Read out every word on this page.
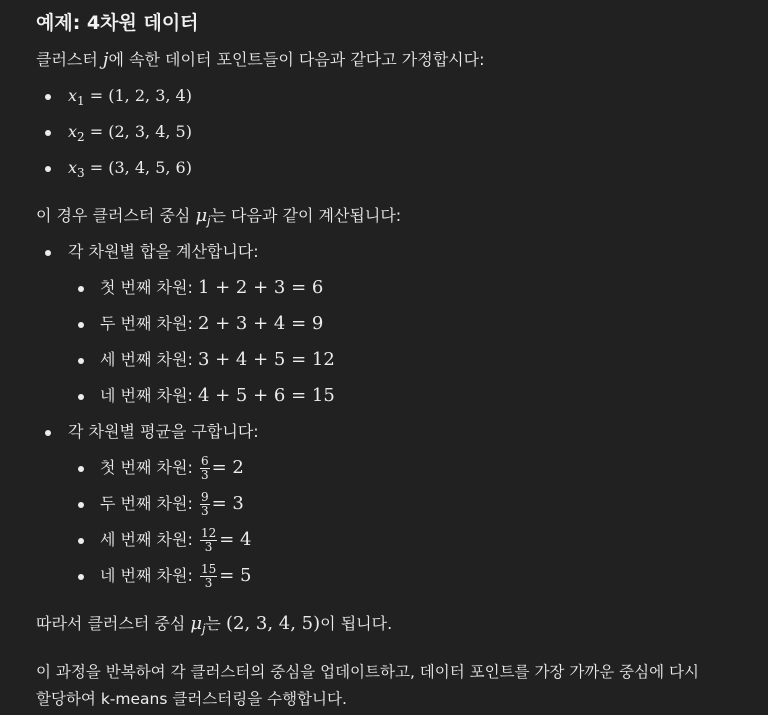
예제: 4차원 데이터
클러스터 j에 속한 데이터 포인트들이 다음과 같다고 가정합시다:
$x_1 = (1$, 2, 3, 4)
$x_2 = (2$, 3, 4, 5)
$x_3 = (3$, 4, 5, 6)
이 경우 클러스터 중심 $\mu_j$는 다음과 같이 계산됩니다:
각 차원별 합을 계산합니다:
첫 번째 차원: 1 + 2 + 3 = 6
두 번째 차원: 2 + 3 + 4 = 9
세 번째 차원: 3 + 4 + 5 = 12
네 번째 차원: 4 + 5 + 6 = 15
각 차원별 평균을 구합니다:
첫 번째 차원: $\frac{6}{3} = 2$
두 번째 차원: $\frac{9}{3} = 3$
세 번째 차원: $\frac{12}{3} = 4$
네 번째 차원: $\frac{15}{3} = 5$
따라서 클러스터 중심 $\mu_j$는 (2, 3, 4, 5)이 됩니다.
이 과정을 반복하여 각 클러스터의 중심을 업데이트하고, 데이터 포인트를 가장 가까운 중심에 다시
할당하여 k-means 클러스터링을 수행합니다.
